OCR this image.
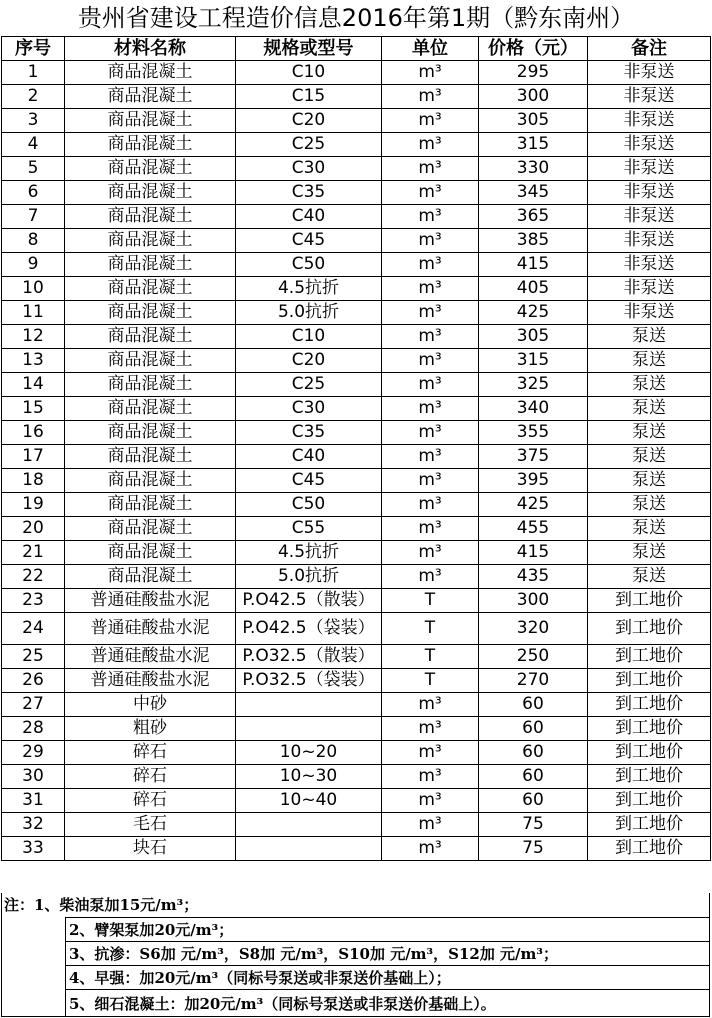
贵州省建设工程造价信息2016年第1期（黔东南州）
序号	材料名称	规格或型号	单位	价格（元）	备注
1	商品混凝土	C10	m³	295	非泵送
2	商品混凝土	C15	m³	300	非泵送
3	商品混凝土	C20	m³	305	非泵送
4	商品混凝土	C25	m³	315	非泵送
5	商品混凝土	C30	m³	330	非泵送
6	商品混凝土	C35	m³	345	非泵送
7	商品混凝土	C40	m³	365	非泵送
8	商品混凝土	C45	m³	385	非泵送
9	商品混凝土	C50	m³	415	非泵送
10	商品混凝土	4.5抗折	m³	405	非泵送
11	商品混凝土	5.0抗折	m³	425	非泵送
12	商品混凝土	C10	m³	305	泵送
13	商品混凝土	C20	m³	315	泵送
14	商品混凝土	C25	m³	325	泵送
15	商品混凝土	C30	m³	340	泵送
16	商品混凝土	C35	m³	355	泵送
17	商品混凝土	C40	m³	375	泵送
18	商品混凝土	C45	m³	395	泵送
19	商品混凝土	C50	m³	425	泵送
20	商品混凝土	C55	m³	455	泵送
21	商品混凝土	4.5抗折	m³	415	泵送
22	商品混凝土	5.0抗折	m³	435	泵送
23	普通硅酸盐水泥	P.O42.5（散装）	T	300	到工地价
24	普通硅酸盐水泥	P.O42.5（袋装）	T	320	到工地价
25	普通硅酸盐水泥	P.O32.5（散装）	T	250	到工地价
26	普通硅酸盐水泥	P.O32.5（袋装）	T	270	到工地价
27	中砂		m³	60	到工地价
28	粗砂		m³	60	到工地价
29	碎石	10~20	m³	60	到工地价
30	碎石	10~30	m³	60	到工地价
31	碎石	10~40	m³	60	到工地价
32	毛石		m³	75	到工地价
33	块石		m³	75	到工地价
注：1、柴油泵加15元/m³；
2、臂架泵加20元/m³；
3、抗渗：S6加 元/m³，S8加 元/m³，S10加 元/m³，S12加 元/m³；
4、早强：加20元/m³（同标号泵送或非泵送价基础上）；
5、细石混凝土：加20元/m³（同标号泵送或非泵送价基础上）。
